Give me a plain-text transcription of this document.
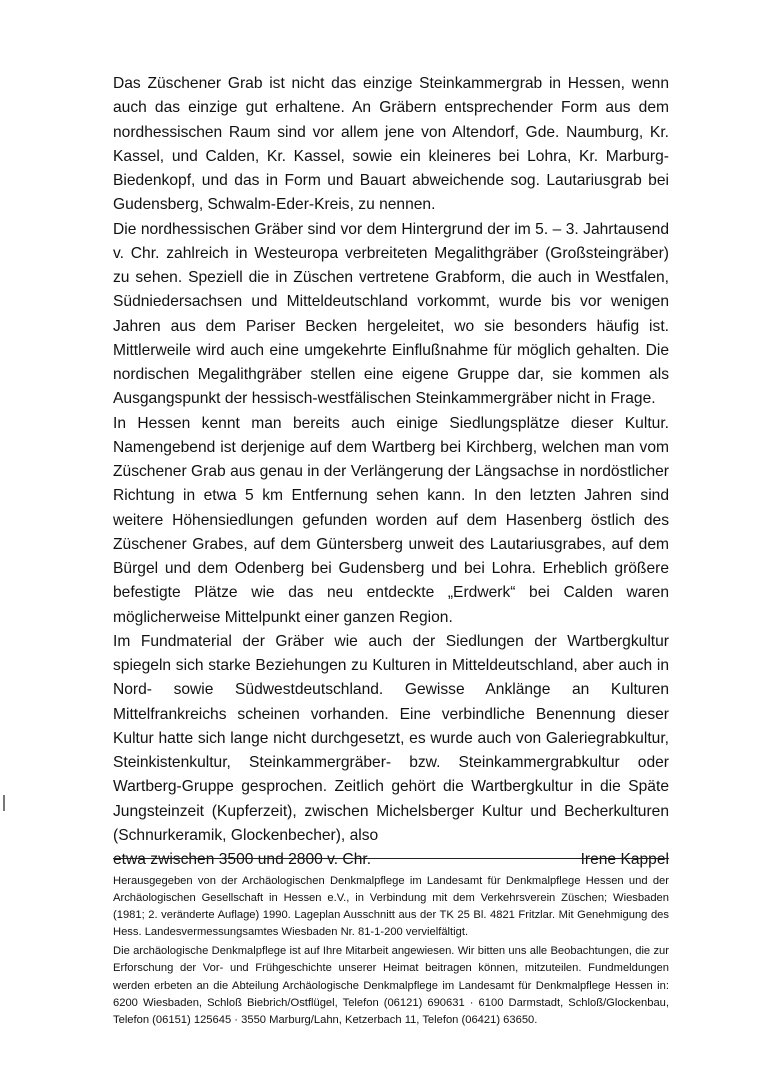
Das Züschener Grab ist nicht das einzige Steinkammergrab in Hessen, wenn auch das einzige gut erhaltene. An Gräbern entsprechender Form aus dem nordhessischen Raum sind vor allem jene von Altendorf, Gde. Naumburg, Kr. Kassel, und Calden, Kr. Kassel, sowie ein kleineres bei Lohra, Kr. Marburg-Biedenkopf, und das in Form und Bauart abweichende sog. Lautariusgrab bei Gudensberg, Schwalm-Eder-Kreis, zu nennen.

Die nordhessischen Gräber sind vor dem Hintergrund der im 5. – 3. Jahrtausend v. Chr. zahlreich in Westeuropa verbreiteten Megalithgräber (Großsteingräber) zu sehen. Speziell die in Züschen vertretene Grabform, die auch in Westfalen, Südniedersachsen und Mitteldeutschland vorkommt, wurde bis vor wenigen Jahren aus dem Pariser Becken hergeleitet, wo sie besonders häufig ist. Mittlerweile wird auch eine umgekehrte Einflußnahme für möglich gehalten. Die nordischen Megalithgräber stellen eine eigene Gruppe dar, sie kommen als Ausgangspunkt der hessisch-westfälischen Steinkammergräber nicht in Frage.

In Hessen kennt man bereits auch einige Siedlungsplätze dieser Kultur. Namengebend ist derjenige auf dem Wartberg bei Kirchberg, welchen man vom Züschener Grab aus genau in der Verlängerung der Längsachse in nordöstlicher Richtung in etwa 5 km Entfernung sehen kann. In den letzten Jahren sind weitere Höhensiedlungen gefunden worden auf dem Hasenberg östlich des Züschener Grabes, auf dem Güntersberg unweit des Lautariusgrabes, auf dem Bürgel und dem Odenberg bei Gudensberg und bei Lohra. Erheblich größere befestigte Plätze wie das neu entdeckte „Erdwerk“ bei Calden waren möglicherweise Mittelpunkt einer ganzen Region.

Im Fundmaterial der Gräber wie auch der Siedlungen der Wartbergkultur spiegeln sich starke Beziehungen zu Kulturen in Mitteldeutschland, aber auch in Nord- sowie Südwestdeutschland. Gewisse Anklänge an Kulturen Mittelfrankreichs scheinen vorhanden. Eine verbindliche Benennung dieser Kultur hatte sich lange nicht durchgesetzt, es wurde auch von Galeriegrabkultur, Steinkistenkultur, Steinkammergräber- bzw. Steinkammergrabkultur oder Wartberg-Gruppe gesprochen. Zeitlich gehört die Wartbergkultur in die Späte Jungsteinzeit (Kupferzeit), zwischen Michelsberger Kultur und Becherkulturen (Schnurkeramik, Glockenbecher), also

etwa zwischen 3500 und 2800 v. Chr.	Irene Kappel

Herausgegeben von der Archäologischen Denkmalpflege im Landesamt für Denkmalpflege Hessen und der Archäologischen Gesellschaft in Hessen e.V., in Verbindung mit dem Verkehrsverein Züschen; Wiesbaden (1981; 2. veränderte Auflage) 1990. Lageplan Ausschnitt aus der TK 25 Bl. 4821 Fritzlar. Mit Genehmigung des Hess. Landesvermessungsamtes Wiesbaden Nr. 81-1-200 vervielfältigt.

Die archäologische Denkmalpflege ist auf Ihre Mitarbeit angewiesen. Wir bitten uns alle Beobachtungen, die zur Erforschung der Vor- und Frühgeschichte unserer Heimat beitragen können, mitzuteilen. Fundmeldungen werden erbeten an die Abteilung Archäologische Denkmalpflege im Landesamt für Denkmalpflege Hessen in: 6200 Wiesbaden, Schloß Biebrich/Ostflügel, Telefon (06121) 690631 · 6100 Darmstadt, Schloß/Glockenbau, Telefon (06151) 125645 · 3550 Marburg/Lahn, Ketzerbach 11, Telefon (06421) 63650.
